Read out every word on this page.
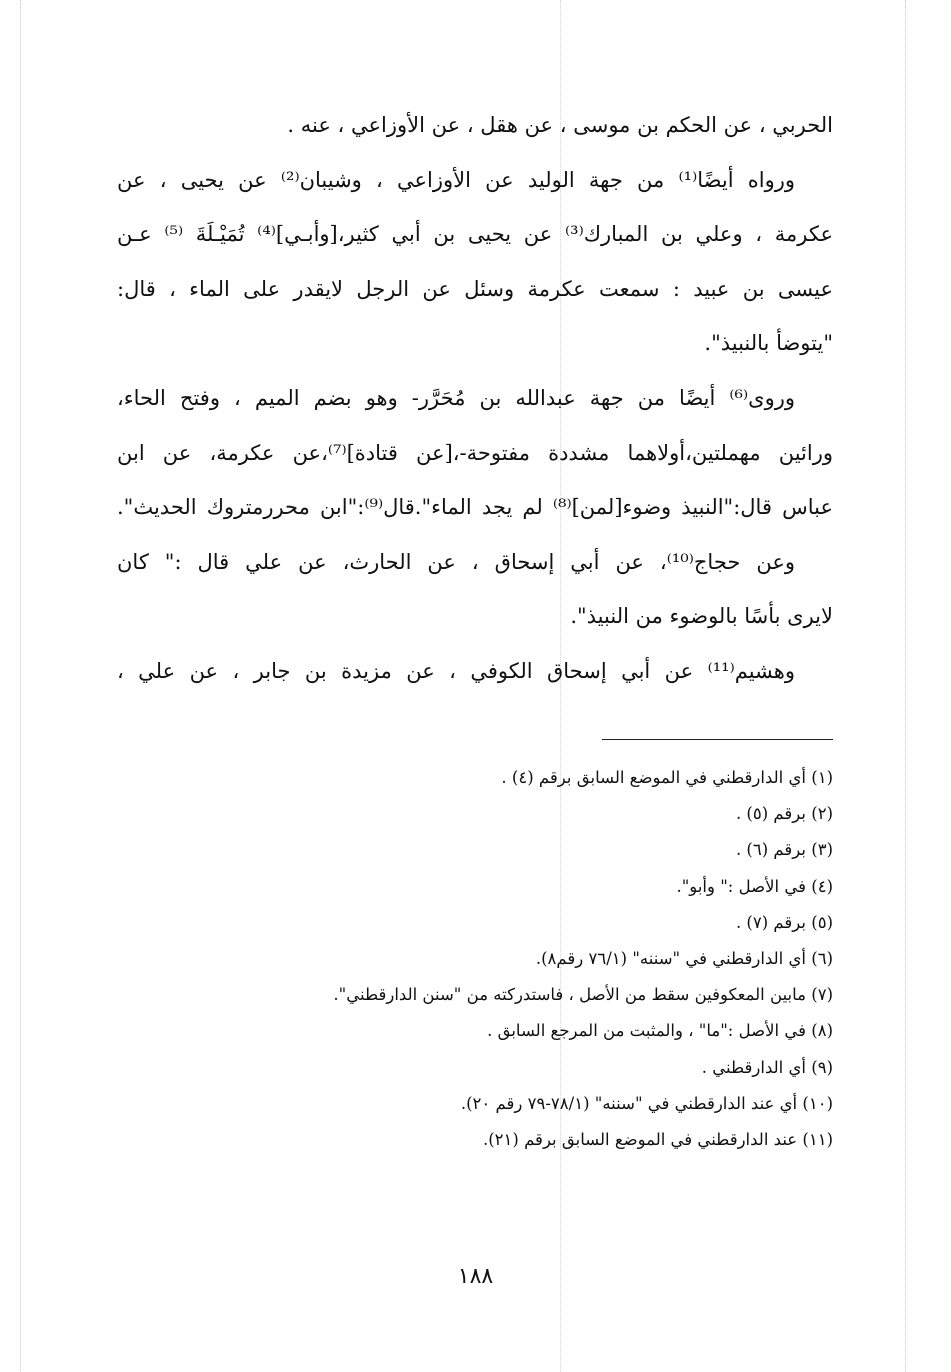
الحربي ، عن الحكم بن موسى ، عن هقل ، عن الأوزاعي ، عنه .
ورواه أيضًا⁽¹⁾ من جهة الوليد عن الأوزاعي ، وشيبان⁽²⁾ عن يحيى ، عن
عكرمة ، وعلي بن المبارك⁽³⁾ عن يحيى بن أبي كثير،[وأبـي]⁽⁴⁾ تُمَيْـلَةَ ⁽⁵⁾ عـن
عيسى بن عبيد : سمعت عكرمة وسئل عن الرجل لايقدر على الماء ، قال:
"يتوضأ بالنبيذ".
وروى⁽⁶⁾ أيضًا من جهة عبدالله بن مُحَرَّر- وهو بضم الميم ، وفتح الحاء،
ورائين مهملتين،أولاهما مشددة مفتوحة-،[عن قتادة]⁽⁷⁾،عن عكرمة، عن ابن
عباس قال:"النبيذ وضوء[لمن]⁽⁸⁾ لم يجد الماء".قال⁽⁹⁾:"ابن محررمتروك الحديث".
وعن حجاج⁽¹⁰⁾، عن أبي إسحاق ، عن الحارث، عن علي قال :" كان
لايرى بأسًا بالوضوء من النبيذ".
وهشيم⁽¹¹⁾ عن أبي إسحاق الكوفي ، عن مزيدة بن جابر ، عن علي ،
(١) أي الدارقطني في الموضع السابق برقم (٤) .
(٢) برقم (٥) .
(٣) برقم (٦) .
(٤) في الأصل :" وأبو".
(٥) برقم (٧) .
(٦) أي الدارقطني في "سننه" (٧٦/١ رقم٨).
(٧) مابين المعكوفين سقط من الأصل ، فاستدركته من "سنن الدارقطني".
(٨) في الأصل :"ما" ، والمثبت من المرجع السابق .
(٩) أي الدارقطني .
(١٠) أي عند الدارقطني في "سننه" (٧٨/١-٧٩ رقم ٢٠).
(١١) عند الدارقطني في الموضع السابق برقم (٢١).
١٨٨
